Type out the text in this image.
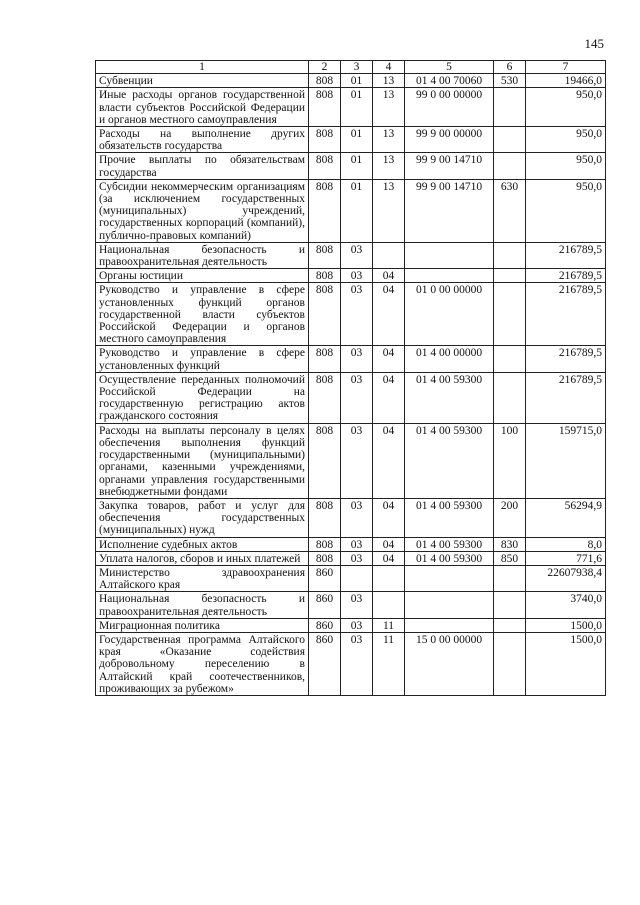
145
1	2	3	4	5	6	7
Субвенции	808	01	13	01 4 00 70060	530	19466,0
Иные расходы органов государственной власти субъектов Российской Федерации и органов местного самоуправления	808	01	13	99 0 00 00000		950,0
Расходы на выполнение других обязательств государства	808	01	13	99 9 00 00000		950,0
Прочие выплаты по обязательствам государства	808	01	13	99 9 00 14710		950,0
Субсидии некоммерческим организациям (за исключением государственных (муниципальных) учреждений, государственных корпораций (компаний), публично-правовых компаний)	808	01	13	99 9 00 14710	630	950,0
Национальная безопасность и правоохранительная деятельность	808	03				216789,5
Органы юстиции	808	03	04			216789,5
Руководство и управление в сфере установленных функций органов государственной власти субъектов Российской Федерации и органов местного самоуправления	808	03	04	01 0 00 00000		216789,5
Руководство и управление в сфере установленных функций	808	03	04	01 4 00 00000		216789,5
Осуществление переданных полномочий Российской Федерации на государственную регистрацию актов гражданского состояния	808	03	04	01 4 00 59300		216789,5
Расходы на выплаты персоналу в целях обеспечения выполнения функций государственными (муниципальными) органами, казенными учреждениями, органами управления государственными внебюджетными фондами	808	03	04	01 4 00 59300	100	159715,0
Закупка товаров, работ и услуг для обеспечения государственных (муниципальных) нужд	808	03	04	01 4 00 59300	200	56294,9
Исполнение судебных актов	808	03	04	01 4 00 59300	830	8,0
Уплата налогов, сборов и иных платежей	808	03	04	01 4 00 59300	850	771,6
Министерство здравоохранения Алтайского края	860					22607938,4
Национальная безопасность и правоохранительная деятельность	860	03				3740,0
Миграционная политика	860	03	11			1500,0
Государственная программа Алтайского края «Оказание содействия добровольному переселению в Алтайский край соотечественников, проживающих за рубежом»	860	03	11	15 0 00 00000		1500,0
